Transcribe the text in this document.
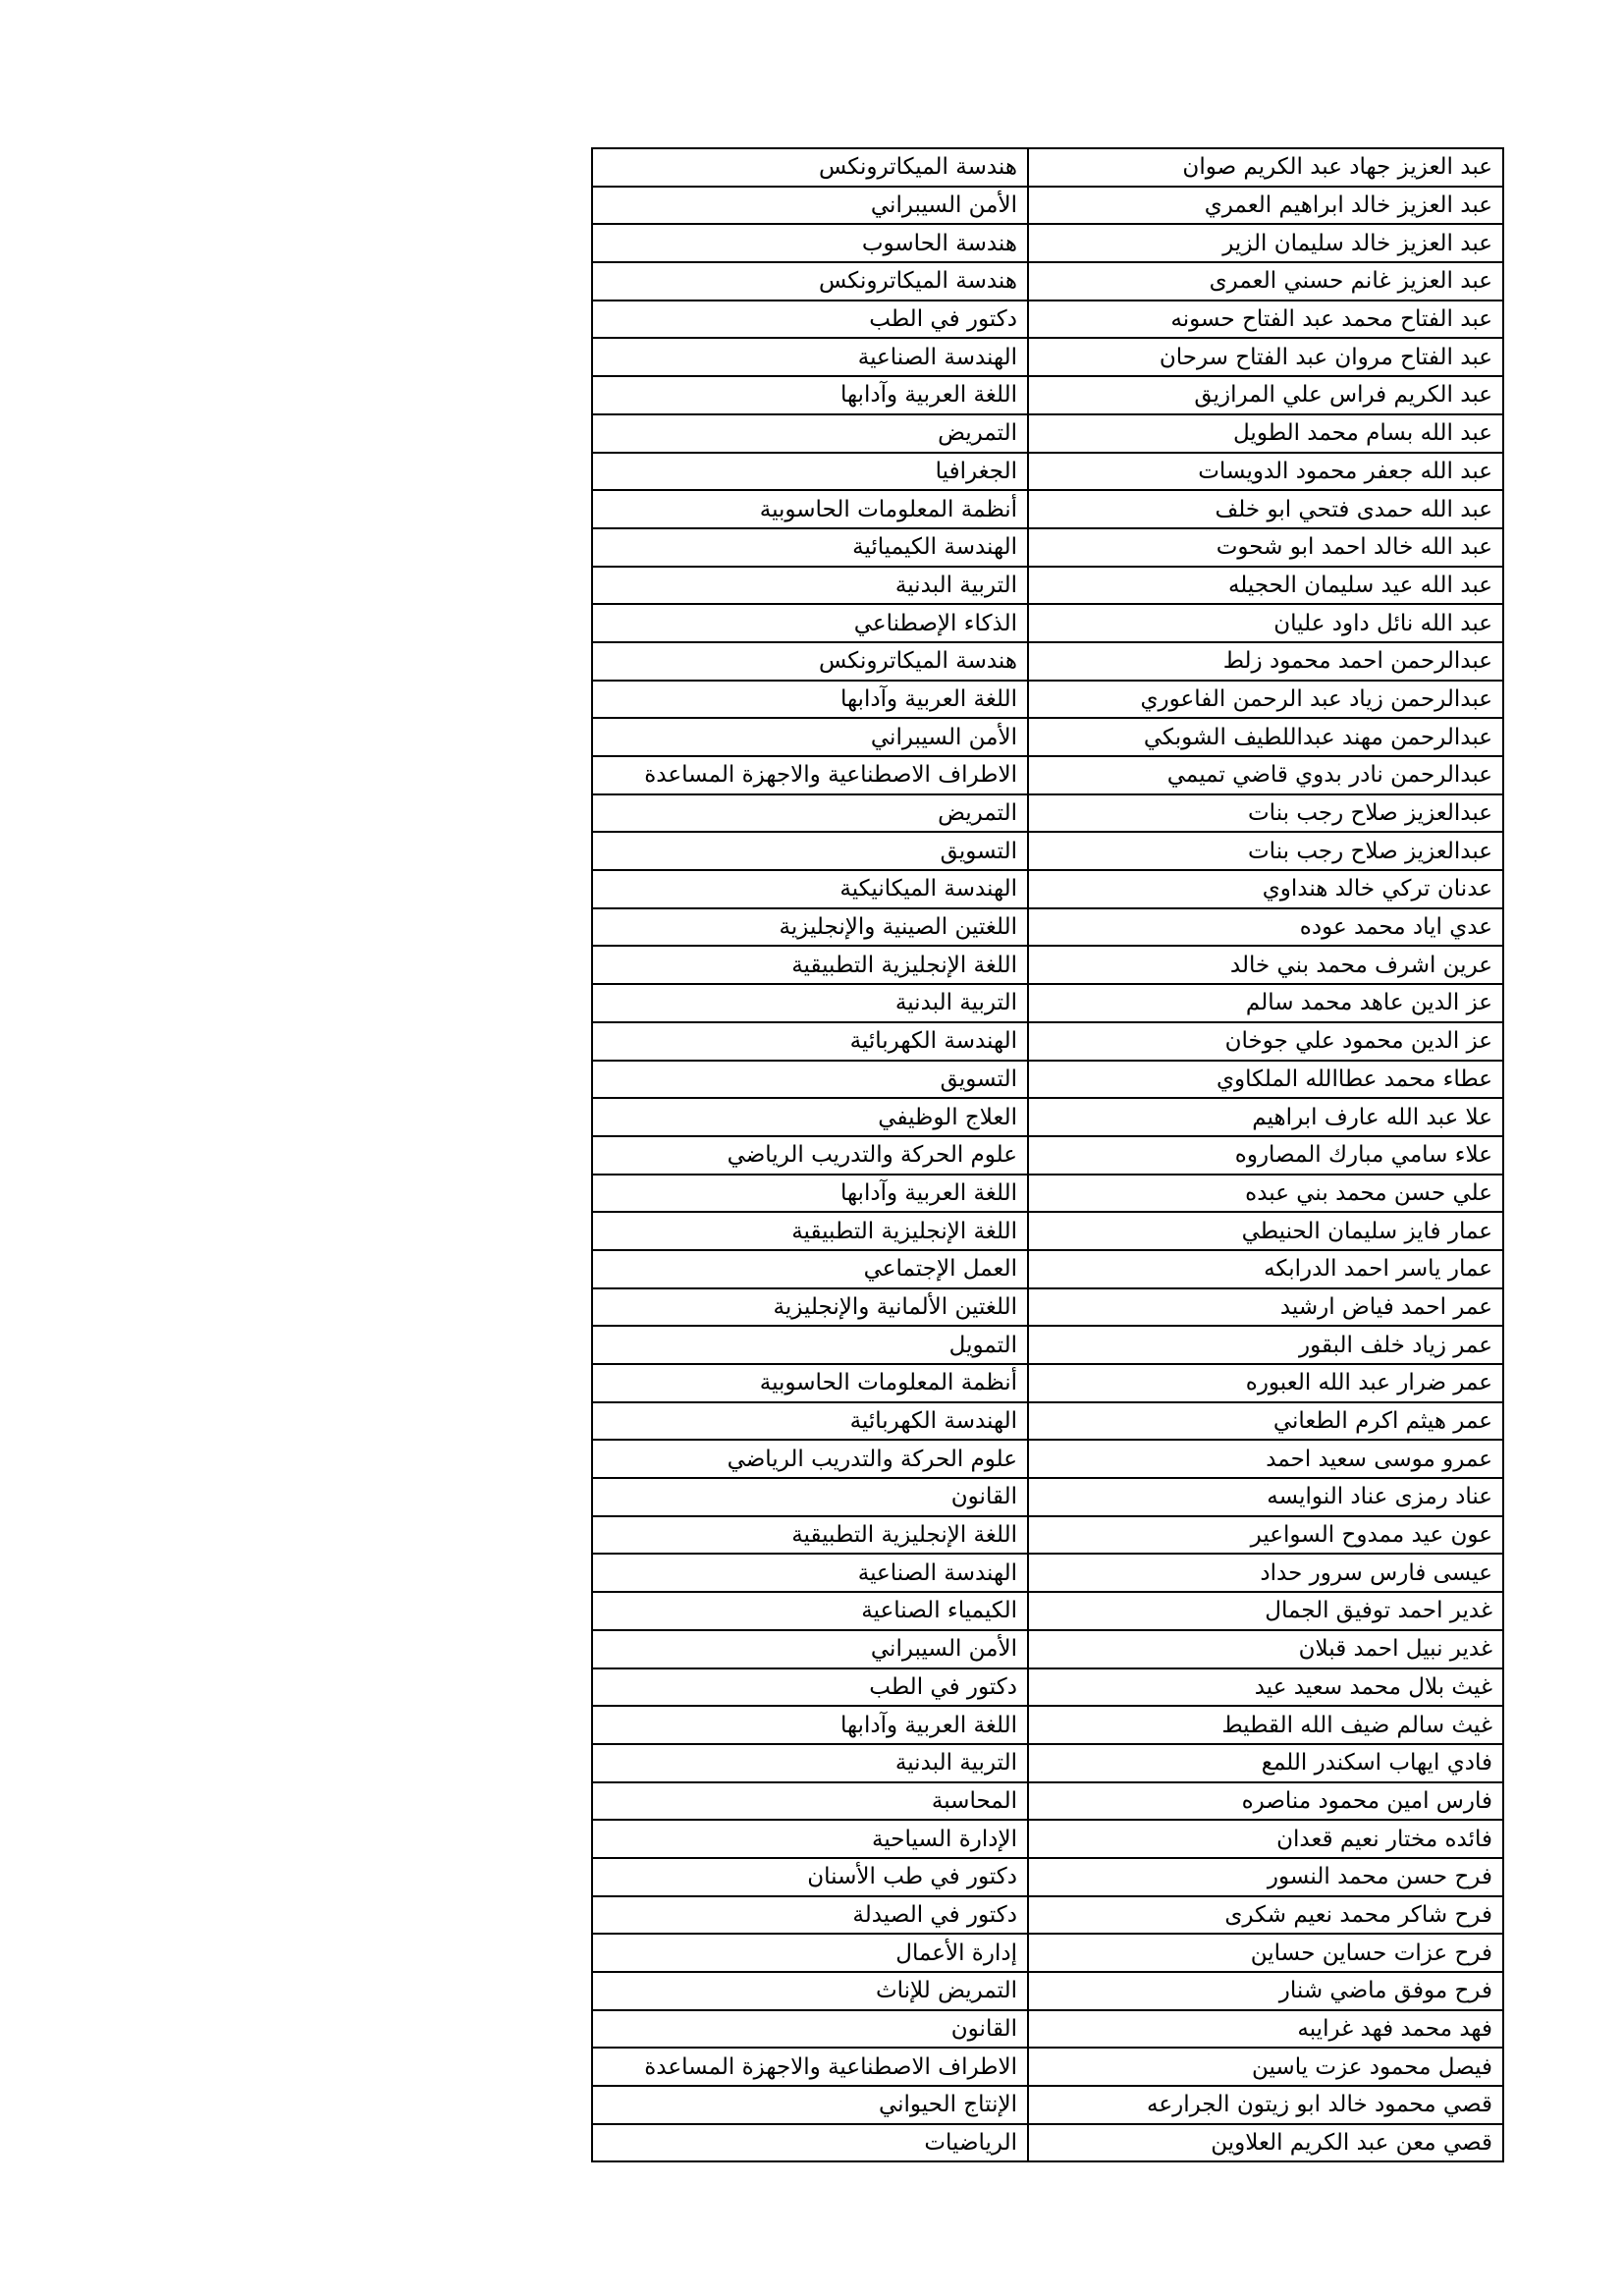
عبد العزيز جهاد عبد الكريم صوان	هندسة الميكاترونكس
عبد العزيز خالد ابراهيم العمري	الأمن السيبراني
عبد العزيز خالد سليمان الزير	هندسة الحاسوب
عبد العزيز غانم حسني العمرى	هندسة الميكاترونكس
عبد الفتاح محمد عبد الفتاح حسونه	دكتور في الطب
عبد الفتاح مروان عبد الفتاح سرحان	الهندسة الصناعية
عبد الكريم فراس علي المرازيق	اللغة العربية وآدابها
عبد الله بسام محمد الطويل	التمريض
عبد الله جعفر محمود الدويسات	الجغرافيا
عبد الله حمدى فتحي ابو خلف	أنظمة المعلومات الحاسوبية
عبد الله خالد احمد ابو شحوت	الهندسة الكيميائية
عبد الله عيد سليمان الحجيله	التربية البدنية
عبد الله نائل داود عليان	الذكاء الإصطناعي
عبدالرحمن احمد محمود زلط	هندسة الميكاترونكس
عبدالرحمن زياد عبد الرحمن الفاعوري	اللغة العربية وآدابها
عبدالرحمن مهند عبداللطيف الشوبكي	الأمن السيبراني
عبدالرحمن نادر بدوي قاضي تميمي	الاطراف الاصطناعية والاجهزة المساعدة
عبدالعزيز صلاح رجب بنات	التمريض
عبدالعزيز صلاح رجب بنات	التسويق
عدنان تركي خالد هنداوي	الهندسة الميكانيكية
عدي اياد محمد عوده	اللغتين الصينية والإنجليزية
عرين اشرف محمد بني خالد	اللغة الإنجليزية التطبيقية
عز الدين عاهد محمد سالم	التربية البدنية
عز الدين محمود علي جوخان	الهندسة الكهربائية
عطاء محمد عطاالله الملكاوي	التسويق
علا عبد الله عارف ابراهيم	العلاج الوظيفي
علاء سامي مبارك المصاروه	علوم الحركة والتدريب الرياضي
علي حسن محمد بني عبده	اللغة العربية وآدابها
عمار فايز سليمان الحنيطي	اللغة الإنجليزية التطبيقية
عمار ياسر احمد الدرابكه	العمل الإجتماعي
عمر احمد فياض ارشيد	اللغتين الألمانية والإنجليزية
عمر زياد خلف البقور	التمويل
عمر ضرار عبد الله العبوره	أنظمة المعلومات الحاسوبية
عمر هيثم اكرم الطعاني	الهندسة الكهربائية
عمرو موسى سعيد احمد	علوم الحركة والتدريب الرياضي
عناد رمزى عناد النوايسه	القانون
عون عيد ممدوح السواعير	اللغة الإنجليزية التطبيقية
عيسى فارس سرور حداد	الهندسة الصناعية
غدير احمد توفيق الجمال	الكيمياء الصناعية
غدير نبيل احمد قبلان	الأمن السيبراني
غيث بلال محمد سعيد عيد	دكتور في الطب
غيث سالم ضيف الله القطيط	اللغة العربية وآدابها
فادي ايهاب اسكندر اللمع	التربية البدنية
فارس امين محمود مناصره	المحاسبة
فائده مختار نعيم قعدان	الإدارة السياحية
فرح حسن محمد النسور	دكتور في طب الأسنان
فرح شاكر محمد نعيم شكرى	دكتور في الصيدلة
فرح عزات حساين حساين	إدارة الأعمال
فرح موفق ماضي شنار	التمريض للإناث
فهد محمد فهد غرايبه	القانون
فيصل محمود عزت ياسين	الاطراف الاصطناعية والاجهزة المساعدة
قصي محمود خالد ابو زيتون الجرارعه	الإنتاج الحيواني
قصي معن عبد الكريم العلاوين	الرياضيات
